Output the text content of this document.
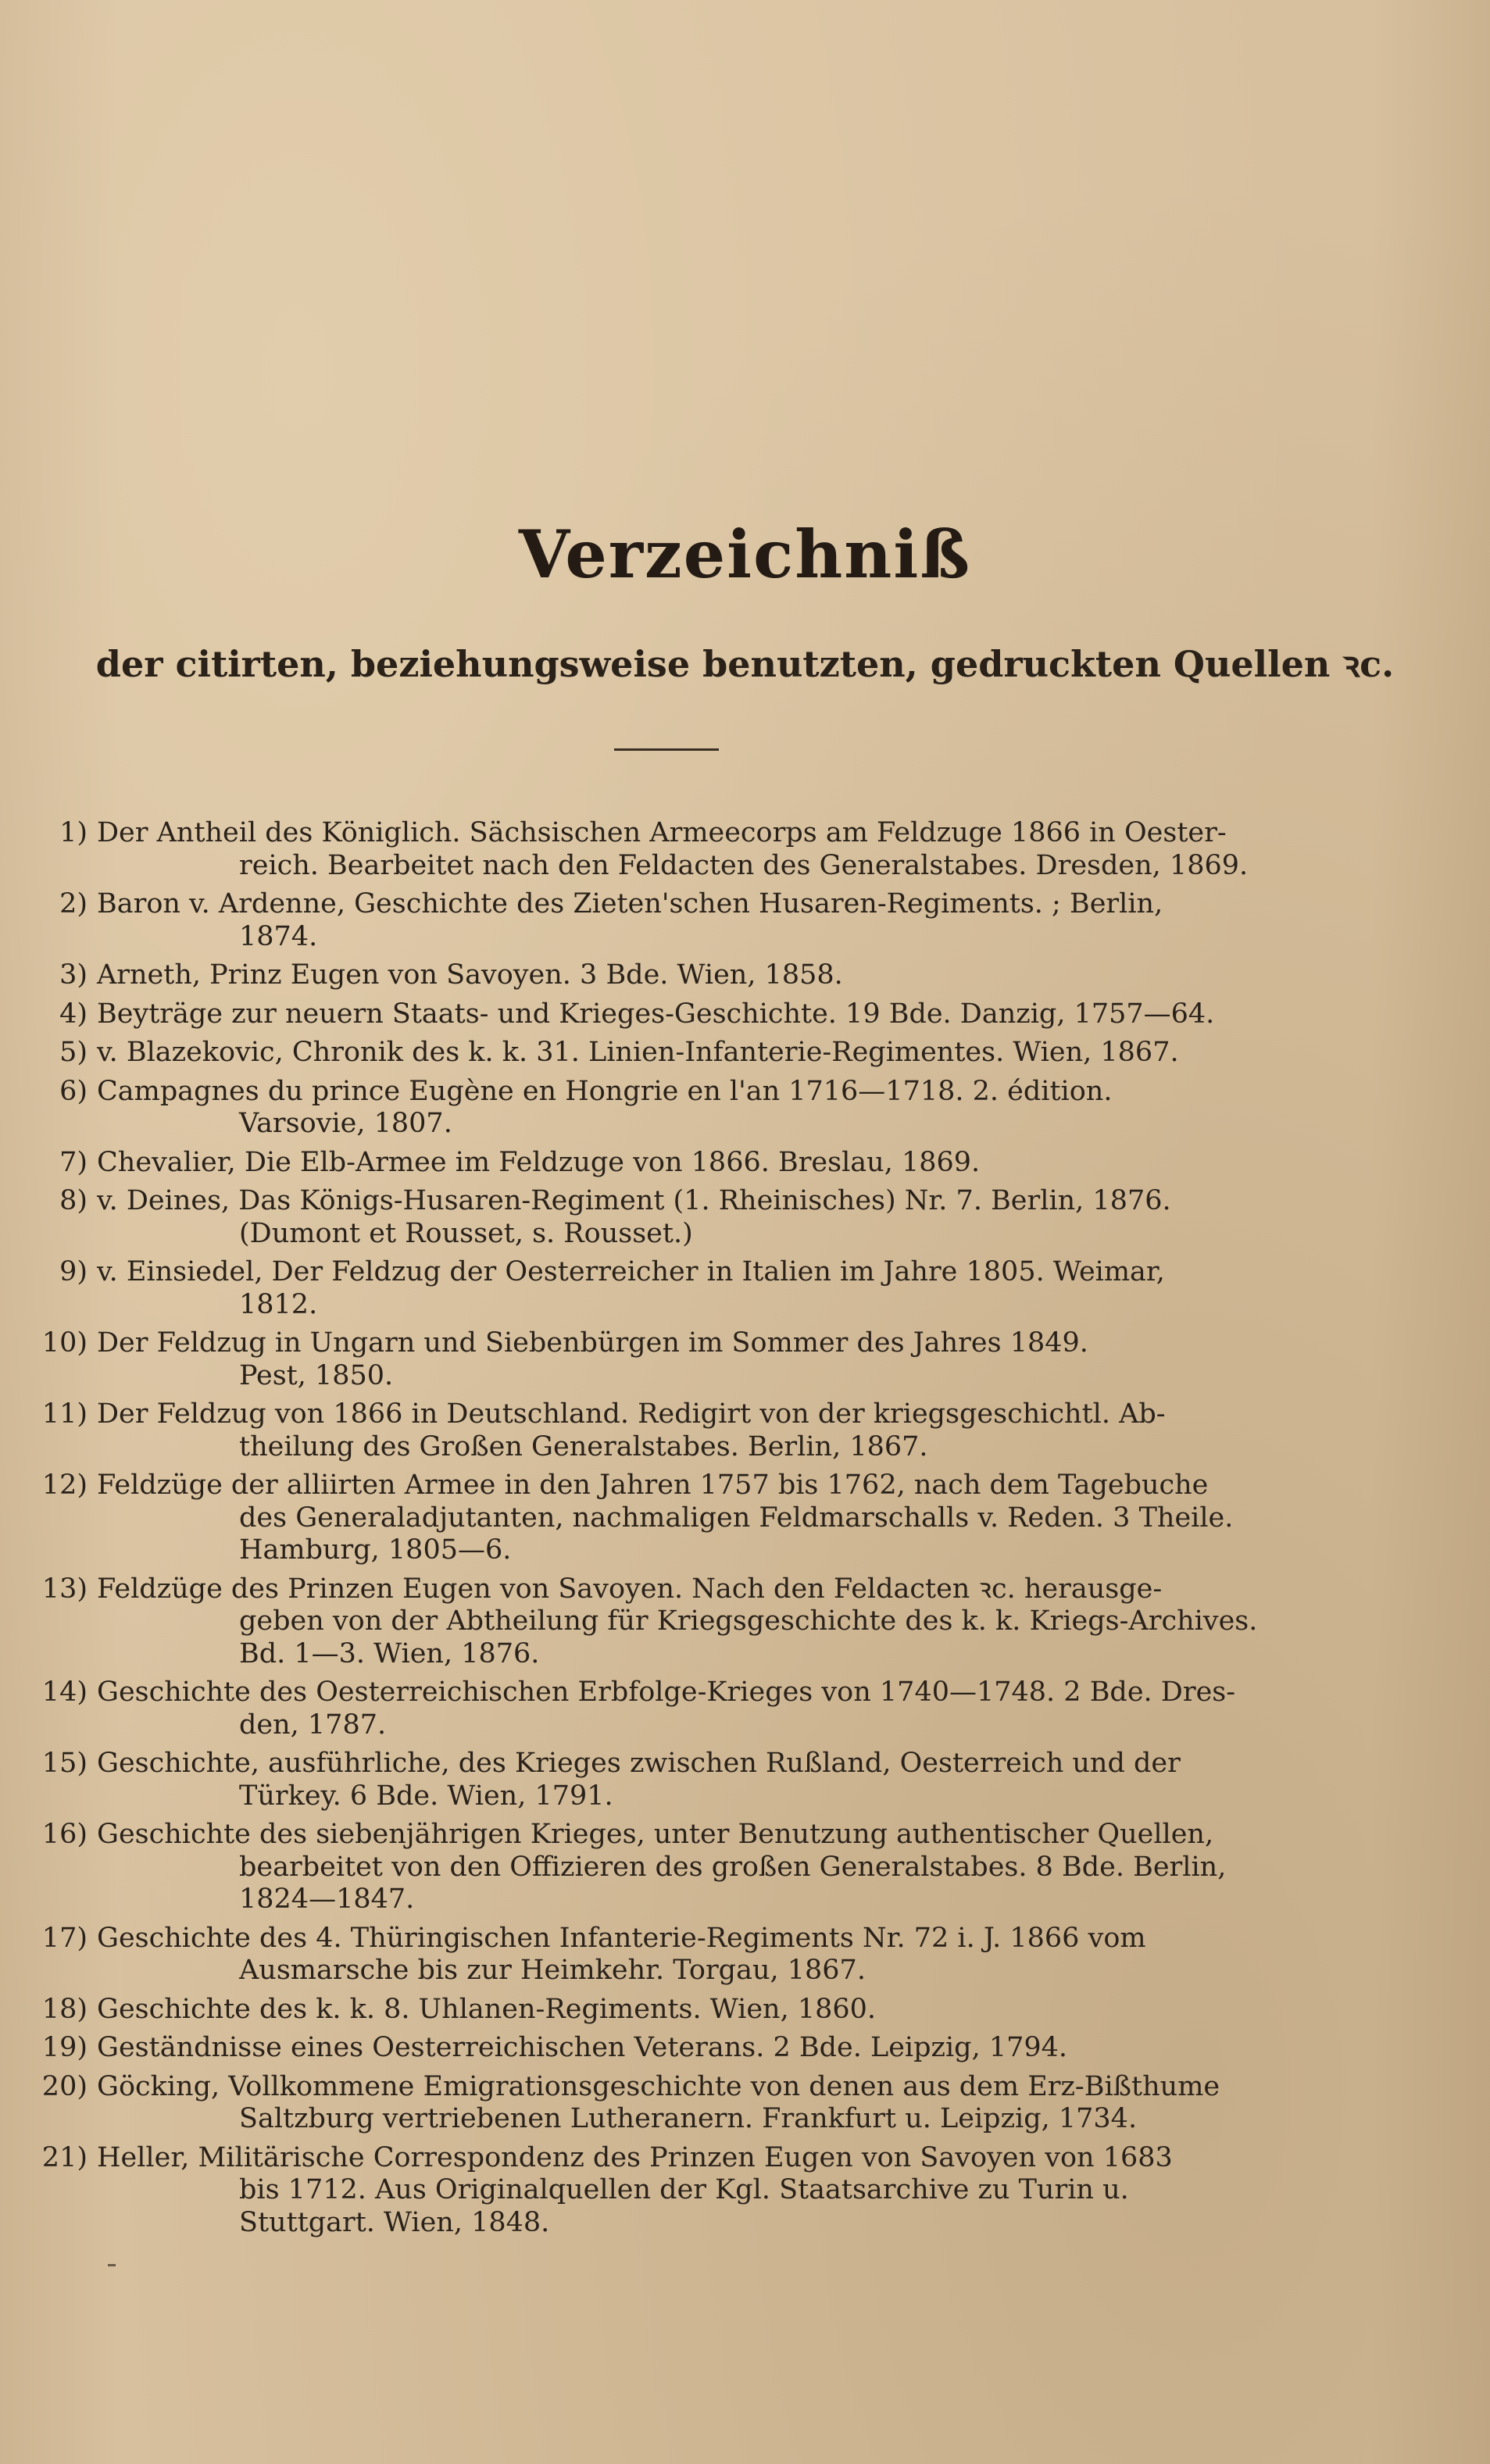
Verzeichniß
der citirten, beziehungsweise benutzten, gedruckten Quellen ꝛc.
1) Der Antheil des Königlich. Sächsischen Armeecorps am Feldzuge 1866 in Oester-
reich. Bearbeitet nach den Feldacten des Generalstabes. Dresden, 1869.
2) Baron v. Ardenne, Geschichte des Zieten'schen Husaren-Regiments. ; Berlin,
1874.
3) Arneth, Prinz Eugen von Savoyen. 3 Bde. Wien, 1858.
4) Beyträge zur neuern Staats- und Krieges-Geschichte. 19 Bde. Danzig, 1757—64.
5) v. Blazekovic, Chronik des k. k. 31. Linien-Infanterie-Regimentes. Wien, 1867.
6) Campagnes du prince Eugène en Hongrie en l'an 1716—1718. 2. édition.
Varsovie, 1807.
7) Chevalier, Die Elb-Armee im Feldzuge von 1866. Breslau, 1869.
8) v. Deines, Das Königs-Husaren-Regiment (1. Rheinisches) Nr. 7. Berlin, 1876.
(Dumont et Rousset, s. Rousset.)
9) v. Einsiedel, Der Feldzug der Oesterreicher in Italien im Jahre 1805. Weimar,
1812.
10) Der Feldzug in Ungarn und Siebenbürgen im Sommer des Jahres 1849.
Pest, 1850.
11) Der Feldzug von 1866 in Deutschland. Redigirt von der kriegsgeschichtl. Ab-
theilung des Großen Generalstabes. Berlin, 1867.
12) Feldzüge der alliirten Armee in den Jahren 1757 bis 1762, nach dem Tagebuche
des Generaladjutanten, nachmaligen Feldmarschalls v. Reden. 3 Theile.
Hamburg, 1805—6.
13) Feldzüge des Prinzen Eugen von Savoyen. Nach den Feldacten ꝛc. herausge-
geben von der Abtheilung für Kriegsgeschichte des k. k. Kriegs-Archives.
Bd. 1—3. Wien, 1876.
14) Geschichte des Oesterreichischen Erbfolge-Krieges von 1740—1748. 2 Bde. Dres-
den, 1787.
15) Geschichte, ausführliche, des Krieges zwischen Rußland, Oesterreich und der
Türkey. 6 Bde. Wien, 1791.
16) Geschichte des siebenjährigen Krieges, unter Benutzung authentischer Quellen,
bearbeitet von den Offizieren des großen Generalstabes. 8 Bde. Berlin,
1824—1847.
17) Geschichte des 4. Thüringischen Infanterie-Regiments Nr. 72 i. J. 1866 vom
Ausmarsche bis zur Heimkehr. Torgau, 1867.
18) Geschichte des k. k. 8. Uhlanen-Regiments. Wien, 1860.
19) Geständnisse eines Oesterreichischen Veterans. 2 Bde. Leipzig, 1794.
20) Göcking, Vollkommene Emigrationsgeschichte von denen aus dem Erz-Bißthume
Saltzburg vertriebenen Lutheranern. Frankfurt u. Leipzig, 1734.
21) Heller, Militärische Correspondenz des Prinzen Eugen von Savoyen von 1683
bis 1712. Aus Originalquellen der Kgl. Staatsarchive zu Turin u.
Stuttgart. Wien, 1848.
